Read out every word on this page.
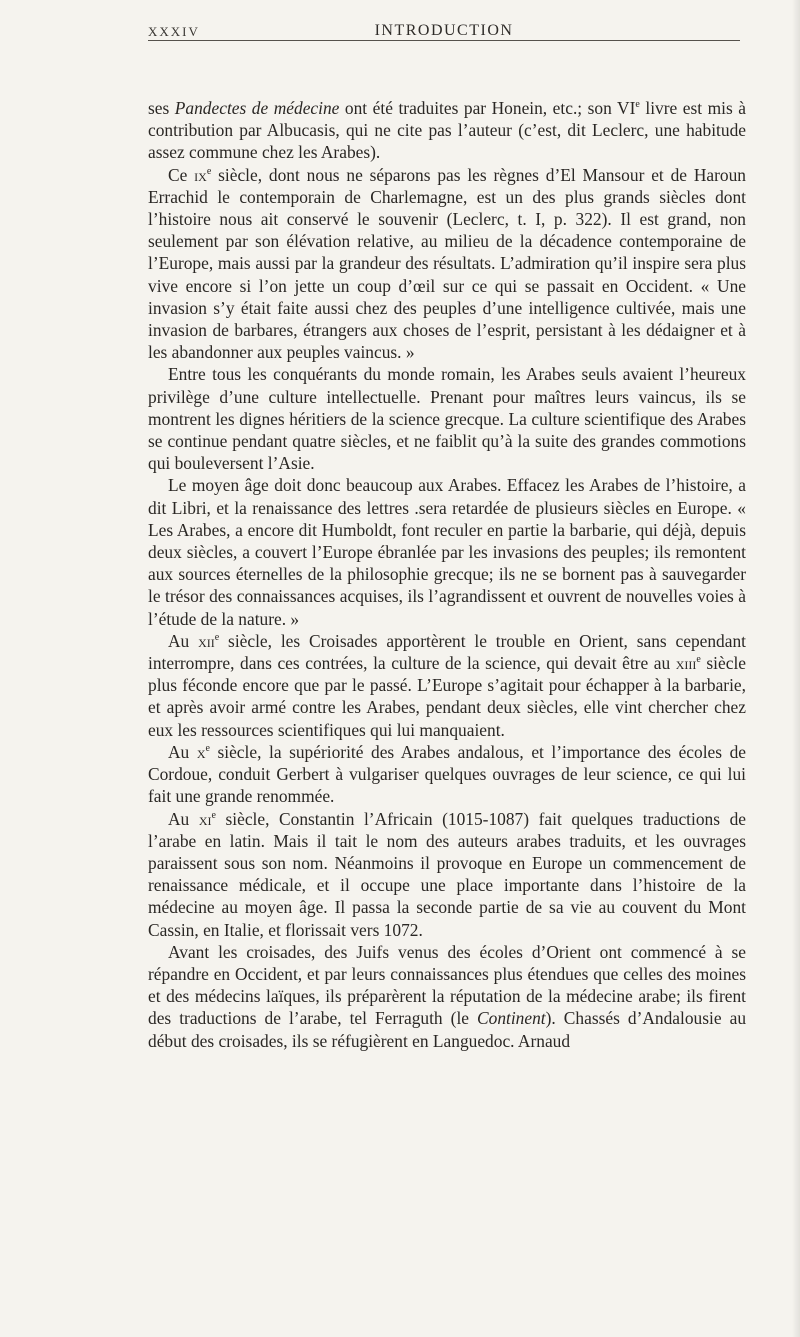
XXXIV	INTRODUCTION

ses Pandectes de médecine ont été traduites par Honein, etc.; son VIe livre est mis à contribution par Albucasis, qui ne cite pas l’auteur (c’est, dit Leclerc, une habitude assez commune chez les Arabes).

Ce $ix^e$ siècle, dont nous ne séparons pas les règnes d’El Mansour et de Haroun Errachid le contemporain de Charlemagne, est un des plus grands siècles dont l’histoire nous ait conservé le souvenir (Leclerc, t. I, p. 322). Il est grand, non seulement par son élévation relative, au milieu de la décadence contemporaine de l’Europe, mais aussi par la grandeur des résultats. L’admiration qu’il inspire sera plus vive encore si l’on jette un coup d’œil sur ce qui se passait en Occident. « Une invasion s’y était faite aussi chez des peuples d’une intelligence cultivée, mais une invasion de barbares, étrangers aux choses de l’esprit, persistant à les dédaigner et à les abandonner aux peuples vaincus. »

Entre tous les conquérants du monde romain, les Arabes seuls avaient l’heureux privilège d’une culture intellectuelle. Prenant pour maîtres leurs vaincus, ils se montrent les dignes héritiers de la science grecque. La culture scientifique des Arabes se continue pendant quatre siècles, et ne faiblit qu’à la suite des grandes commotions qui bouleversent l’Asie.

Le moyen âge doit donc beaucoup aux Arabes. Effacez les Arabes de l’histoire, a dit Libri, et la renaissance des lettres .sera retardée de plusieurs siècles en Europe. « Les Arabes, a encore dit Humboldt, font reculer en partie la barbarie, qui déjà, depuis deux siècles, a couvert l’Europe ébranlée par les invasions des peuples; ils remontent aux sources éternelles de la philosophie grecque; ils ne se bornent pas à sauvegarder le trésor des connaissances acquises, ils l’agrandissent et ouvrent de nouvelles voies à l’étude de la nature. »

Au xii$^e$ siècle, les Croisades apportèrent le trouble en Orient, sans cependant interrompre, dans ces contrées, la culture de la science, qui devait être au xiii$^e$ siècle plus féconde encore que par le passé. L’Europe s’agitait pour échapper à la barbarie, et après avoir armé contre les Arabes, pendant deux siècles, elle vint chercher chez eux les ressources scientifiques qui lui manquaient.

Au $x^e$ siècle, la supériorité des Arabes andalous, et l’importance des écoles de Cordoue, conduit Gerbert à vulgariser quelques ouvrages de leur science, ce qui lui fait une grande renommée.

Au $xi^e$ siècle, Constantin l’Africain (1015-1087) fait quelques traductions de l’arabe en latin. Mais il tait le nom des auteurs arabes traduits, et les ouvrages paraissent sous son nom. Néanmoins il provoque en Europe un commencement de renaissance médicale, et il occupe une place importante dans l’histoire de la médecine au moyen âge. Il passa la seconde partie de sa vie au couvent du Mont Cassin, en Italie, et florissait vers 1072.

Avant les croisades, des Juifs venus des écoles d’Orient ont commencé à se répandre en Occident, et par leurs connaissances plus étendues que celles des moines et des médecins laïques, ils préparèrent la réputation de la médecine arabe; ils firent des traductions de l’arabe, tel Ferraguth (le Continent). Chassés d’Andalousie au début des croisades, ils se réfugièrent en Languedoc. Arnaud
